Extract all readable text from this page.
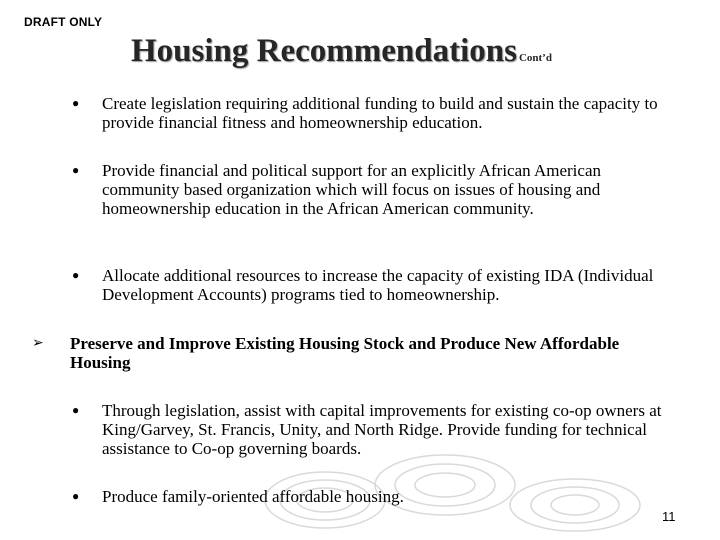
DRAFT ONLY
Housing Recommendations Cont’d
● Create legislation requiring additional funding to build and sustain the capacity to provide financial fitness and homeownership education.
● Provide financial and political support for an explicitly African American community based organization which will focus on issues of housing and homeownership education in the African American community.
● Allocate additional resources to increase the capacity of existing IDA (Individual Development Accounts) programs tied to homeownership.
➢ Preserve and Improve Existing Housing Stock and Produce New Affordable Housing
● Through legislation, assist with capital improvements for existing co-op owners at King/Garvey, St. Francis, Unity, and North Ridge. Provide funding for technical assistance to Co-op governing boards.
● Produce family-oriented affordable housing.
11
